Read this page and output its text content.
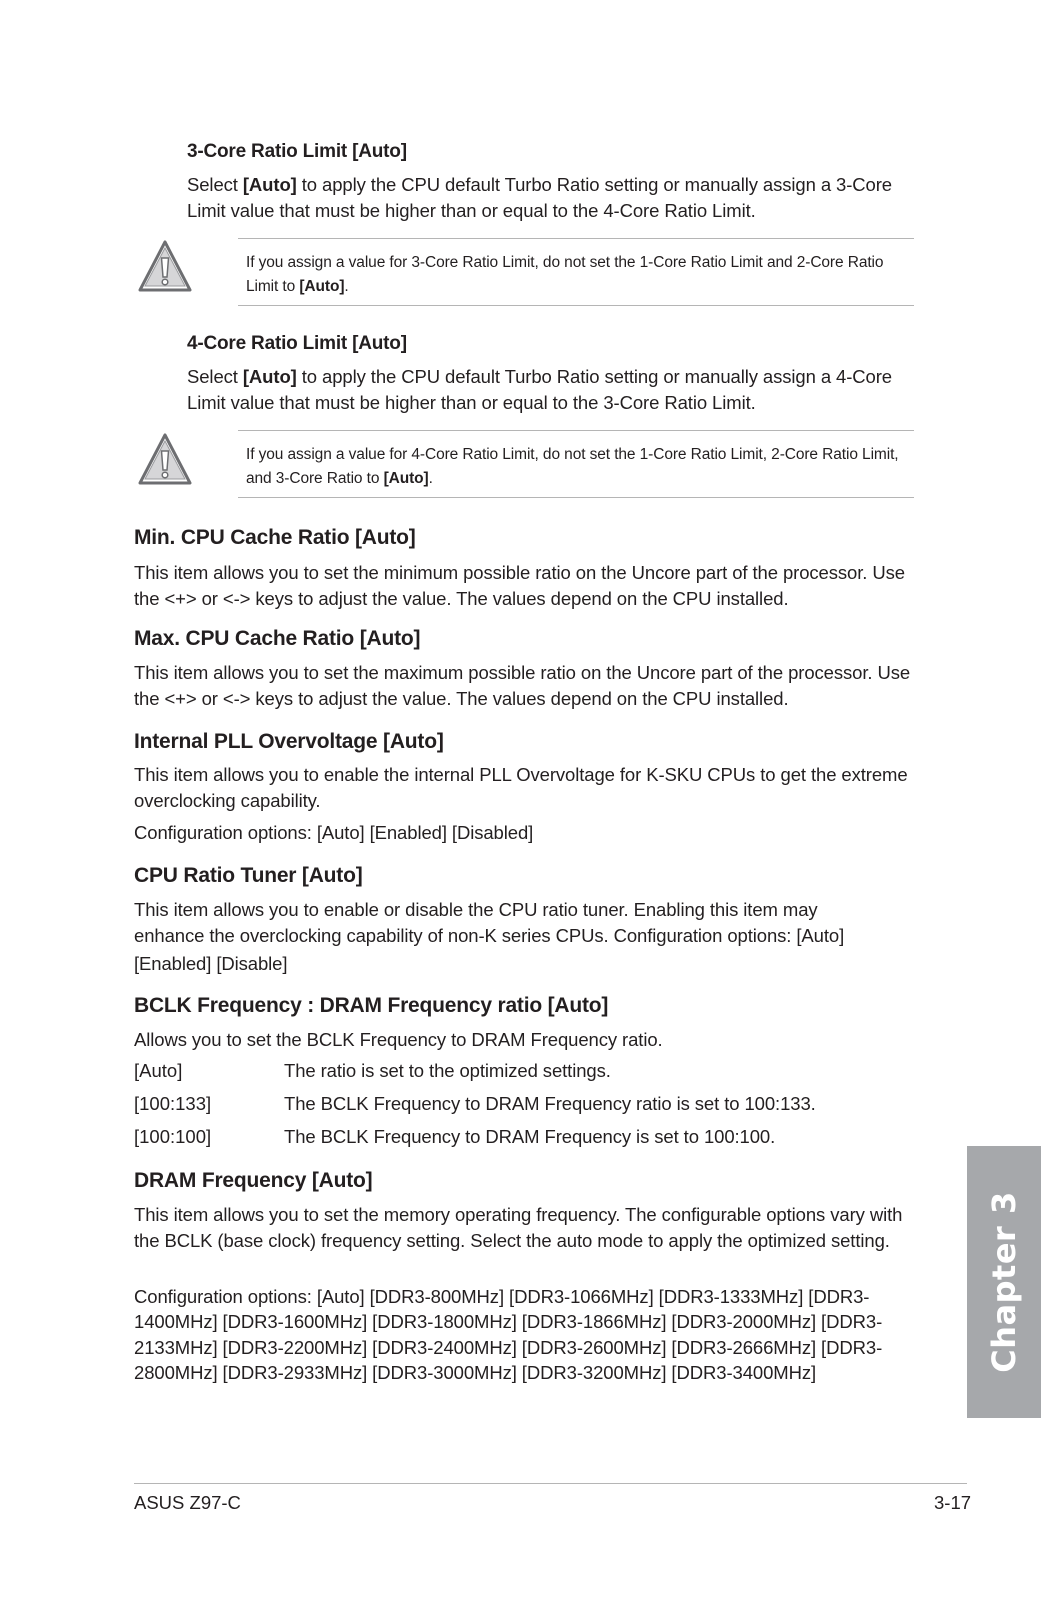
3-Core Ratio Limit [Auto]
Select [Auto] to apply the CPU default Turbo Ratio setting or manually assign a 3-Core Limit value that must be higher than or equal to the 4-Core Ratio Limit.
If you assign a value for 3-Core Ratio Limit, do not set the 1-Core Ratio Limit and 2-Core Ratio Limit to [Auto].
4-Core Ratio Limit [Auto]
Select [Auto] to apply the CPU default Turbo Ratio setting or manually assign a 4-Core Limit value that must be higher than or equal to the 3-Core Ratio Limit.
If you assign a value for 4-Core Ratio Limit, do not set the 1-Core Ratio Limit, 2-Core Ratio Limit, and 3-Core Ratio to [Auto].
Min. CPU Cache Ratio [Auto]
This item allows you to set the minimum possible ratio on the Uncore part of the processor. Use the <+> or <-> keys to adjust the value. The values depend on the CPU installed.
Max. CPU Cache Ratio [Auto]
This item allows you to set the maximum possible ratio on the Uncore part of the processor. Use the <+> or <-> keys to adjust the value. The values depend on the CPU installed.
Internal PLL Overvoltage [Auto]
This item allows you to enable the internal PLL Overvoltage for K-SKU CPUs to get the extreme overclocking capability.
Configuration options: [Auto] [Enabled] [Disabled]
CPU Ratio Tuner [Auto]
This item allows you to enable or disable the CPU ratio tuner. Enabling this item may
enhance the overclocking capability of non-K series CPUs. Configuration options: [Auto]
[Enabled] [Disable]
BCLK Frequency : DRAM Frequency ratio [Auto]
Allows you to set the BCLK Frequency to DRAM Frequency ratio.
[Auto]	The ratio is set to the optimized settings.
[100:133]	The BCLK Frequency to DRAM Frequency ratio is set to 100:133.
[100:100]	The BCLK Frequency to DRAM Frequency is set to 100:100.
DRAM Frequency [Auto]
This item allows you to set the memory operating frequency. The configurable options vary with the BCLK (base clock) frequency setting. Select the auto mode to apply the optimized setting.
Configuration options: [Auto] [DDR3-800MHz] [DDR3-1066MHz] [DDR3-1333MHz] [DDR3-
1400MHz] [DDR3-1600MHz] [DDR3-1800MHz] [DDR3-1866MHz] [DDR3-2000MHz] [DDR3-
2133MHz] [DDR3-2200MHz] [DDR3-2400MHz] [DDR3-2600MHz] [DDR3-2666MHz] [DDR3-
2800MHz] [DDR3-2933MHz] [DDR3-3000MHz] [DDR3-3200MHz] [DDR3-3400MHz]	Chapter 3
ASUS Z97-C	3-17
